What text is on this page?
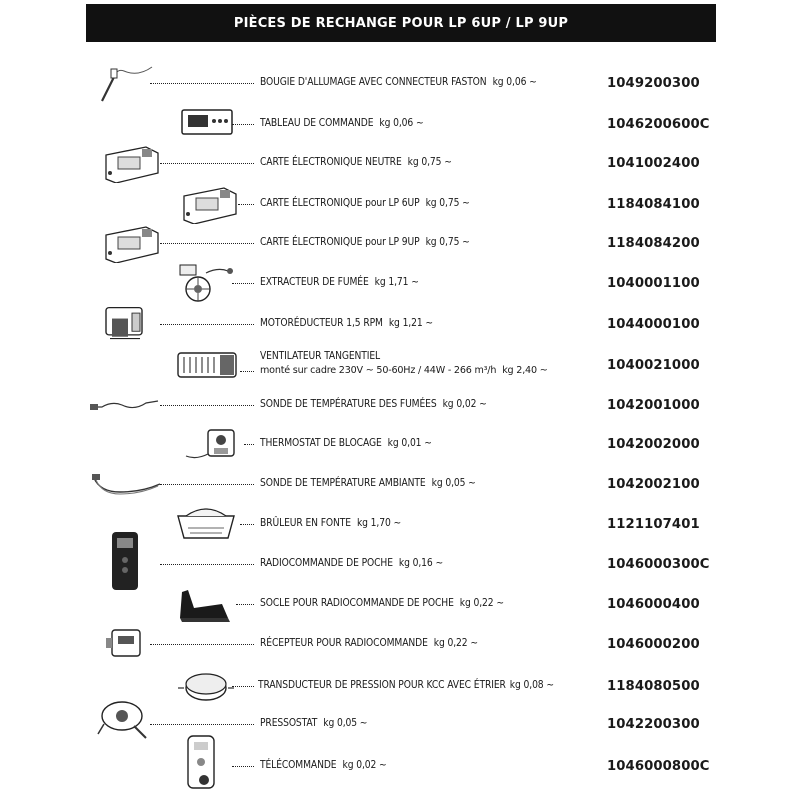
PIÈCES DE RECHANGE POUR LP 6UP / LP 9UP
BOUGIE D'ALLUMAGE AVEC CONNECTEUR FASTON kg 0,06 ~	1049200300
TABLEAU DE COMMANDE kg 0,06 ~	1046200600C
CARTE ÉLECTRONIQUE NEUTRE kg 0,75 ~	1041002400
CARTE ÉLECTRONIQUE pour LP 6UP kg 0,75 ~	1184084100
CARTE ÉLECTRONIQUE pour LP 9UP kg 0,75 ~	1184084200
EXTRACTEUR DE FUMÉE kg 1,71 ~	1040001100
MOTORÉDUCTEUR 1,5 RPM kg 1,21 ~	1044000100
VENTILATEUR TANGENTIEL
monté sur cadre 230V ~ 50-60Hz / 44W - 266 m³/h kg 2,40 ~	1040021000
SONDE DE TEMPÉRATURE DES FUMÉES kg 0,02 ~	1042001000
THERMOSTAT DE BLOCAGE kg 0,01 ~	1042002000
SONDE DE TEMPÉRATURE AMBIANTE kg 0,05 ~	1042002100
BRÛLEUR EN FONTE kg 1,70 ~	1121107401
RADIOCOMMANDE DE POCHE kg 0,16 ~	1046000300C
SOCLE POUR RADIOCOMMANDE DE POCHE kg 0,22 ~	1046000400
RÉCEPTEUR POUR RADIOCOMMANDE kg 0,22 ~	1046000200
TRANSDUCTEUR DE PRESSION POUR KCC AVEC ÉTRIER kg 0,08 ~	1184080500
PRESSOSTAT kg 0,05 ~	1042200300
TÉLÉCOMMANDE kg 0,02 ~	1046000800C
